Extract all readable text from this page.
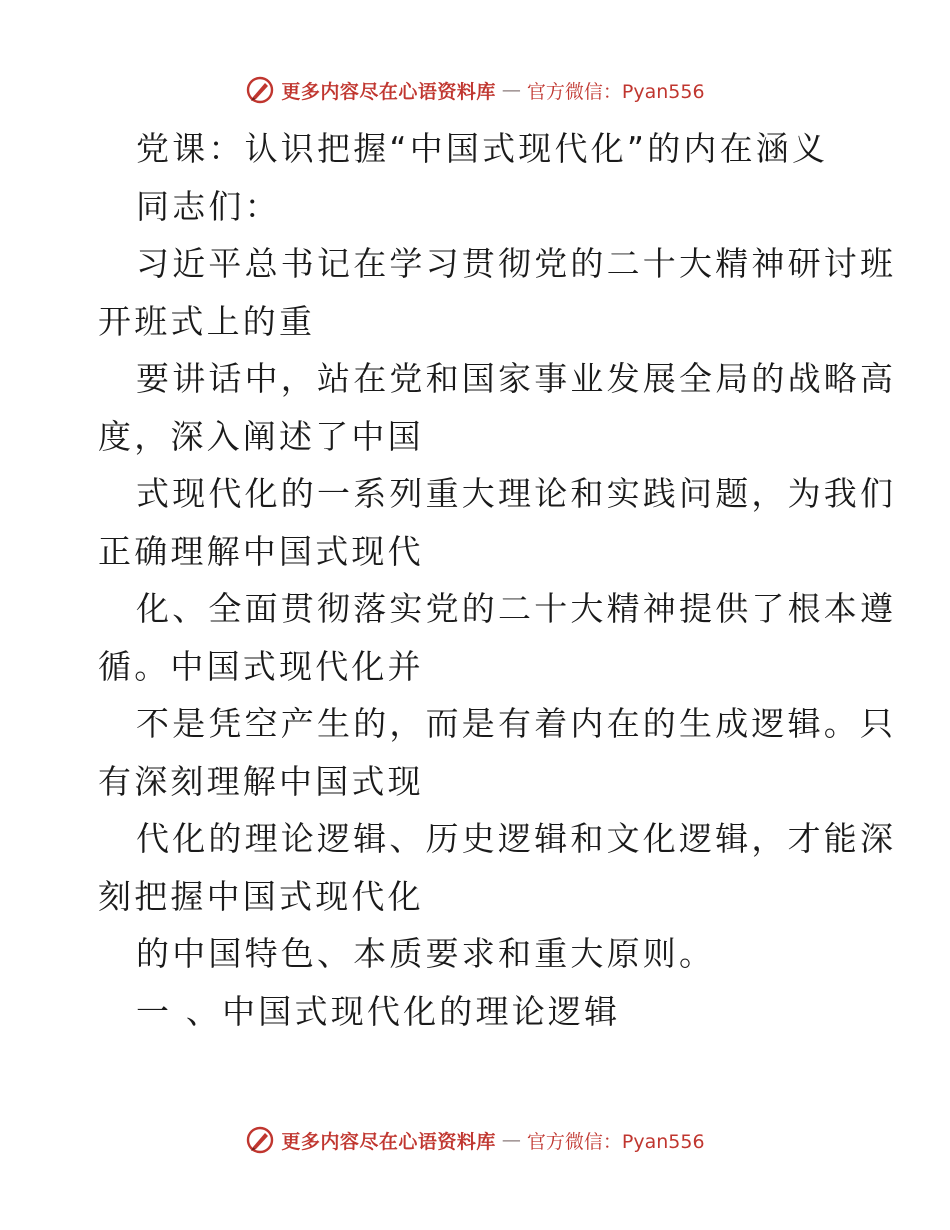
更多内容尽在心语资料库 — 官方微信：Pyan556
党课：认识把握“中国式现代化”的内在涵义
同志们：
习近平总书记在学习贯彻党的二十大精神研讨班
开班式上的重
要讲话中，站在党和国家事业发展全局的战略高
度，深入阐述了中国
式现代化的一系列重大理论和实践问题，为我们
正确理解中国式现代
化、全面贯彻落实党的二十大精神提供了根本遵
循。中国式现代化并
不是凭空产生的，而是有着内在的生成逻辑。只
有深刻理解中国式现
代化的理论逻辑、历史逻辑和文化逻辑，才能深
刻把握中国式现代化
的中国特色、本质要求和重大原则。
一 、中国式现代化的理论逻辑
更多内容尽在心语资料库 — 官方微信：Pyan556
